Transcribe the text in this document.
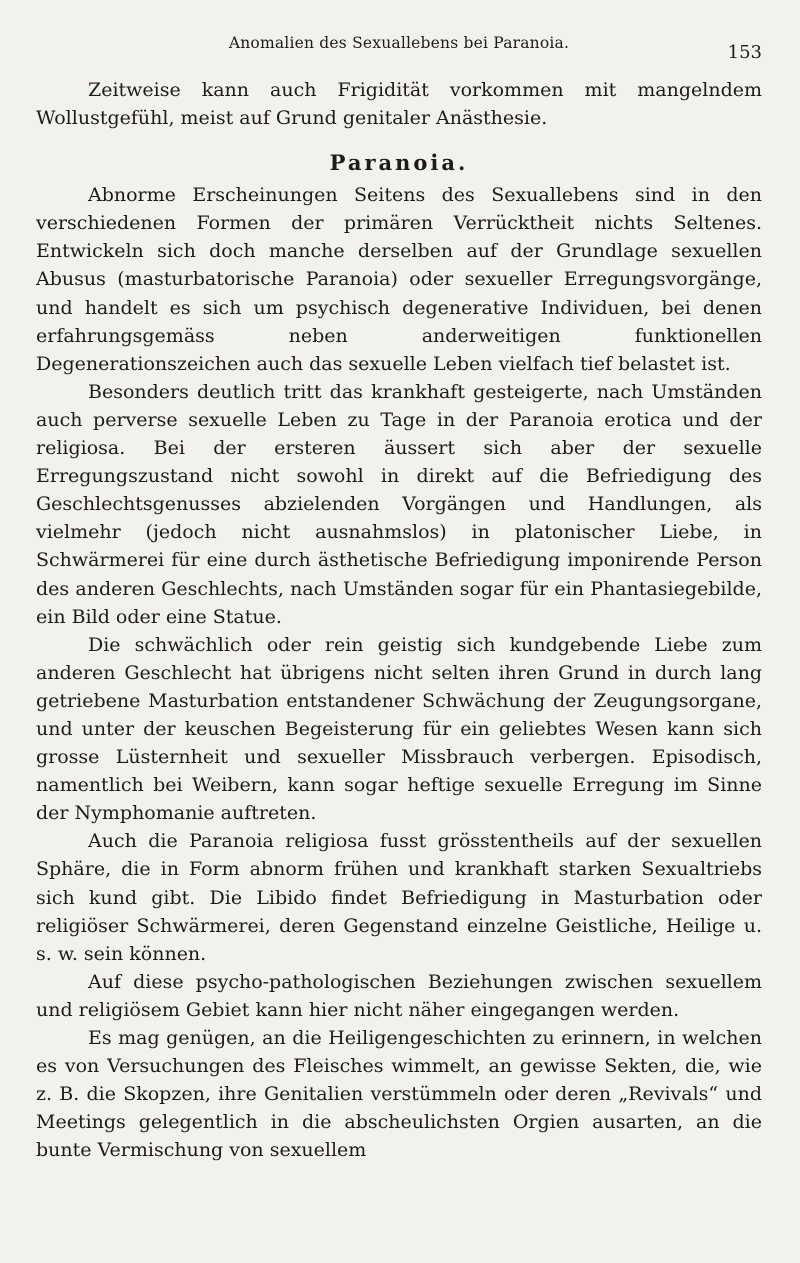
Anomalien des Sexuallebens bei Paranoia.	153

Zeitweise kann auch Frigidität vorkommen mit mangelndem Wollustgefühl, meist auf Grund genitaler Anästhesie.

Paranoia.

Abnorme Erscheinungen Seitens des Sexuallebens sind in den verschiedenen Formen der primären Verrücktheit nichts Seltenes. Entwickeln sich doch manche derselben auf der Grundlage sexuellen Abusus (masturbatorische Paranoia) oder sexueller Erregungsvorgänge, und handelt es sich um psychisch degenerative Individuen, bei denen erfahrungsgemäss neben anderweitigen funktionellen Degenerationszeichen auch das sexuelle Leben vielfach tief belastet ist.

Besonders deutlich tritt das krankhaft gesteigerte, nach Umständen auch perverse sexuelle Leben zu Tage in der Paranoia erotica und der religiosa. Bei der ersteren äussert sich aber der sexuelle Erregungszustand nicht sowohl in direkt auf die Befriedigung des Geschlechtsgenusses abzielenden Vorgängen und Handlungen, als vielmehr (jedoch nicht ausnahmslos) in platonischer Liebe, in Schwärmerei für eine durch ästhetische Befriedigung imponirende Person des anderen Geschlechts, nach Umständen sogar für ein Phantasiegebilde, ein Bild oder eine Statue.

Die schwächlich oder rein geistig sich kundgebende Liebe zum anderen Geschlecht hat übrigens nicht selten ihren Grund in durch lang getriebene Masturbation entstandener Schwächung der Zeugungsorgane, und unter der keuschen Begeisterung für ein geliebtes Wesen kann sich grosse Lüsternheit und sexueller Missbrauch verbergen. Episodisch, namentlich bei Weibern, kann sogar heftige sexuelle Erregung im Sinne der Nymphomanie auftreten.

Auch die Paranoia religiosa fusst grösstentheils auf der sexuellen Sphäre, die in Form abnorm frühen und krankhaft starken Sexualtriebs sich kund gibt. Die Libido findet Befriedigung in Masturbation oder religiöser Schwärmerei, deren Gegenstand einzelne Geistliche, Heilige u. s. w. sein können.

Auf diese psycho-pathologischen Beziehungen zwischen sexuellem und religiösem Gebiet kann hier nicht näher eingegangen werden.

Es mag genügen, an die Heiligengeschichten zu erinnern, in welchen es von Versuchungen des Fleisches wimmelt, an gewisse Sekten, die, wie z. B. die Skopzen, ihre Genitalien verstümmeln oder deren „Revivals“ und Meetings gelegentlich in die abscheulichsten Orgien ausarten, an die bunte Vermischung von sexuellem
